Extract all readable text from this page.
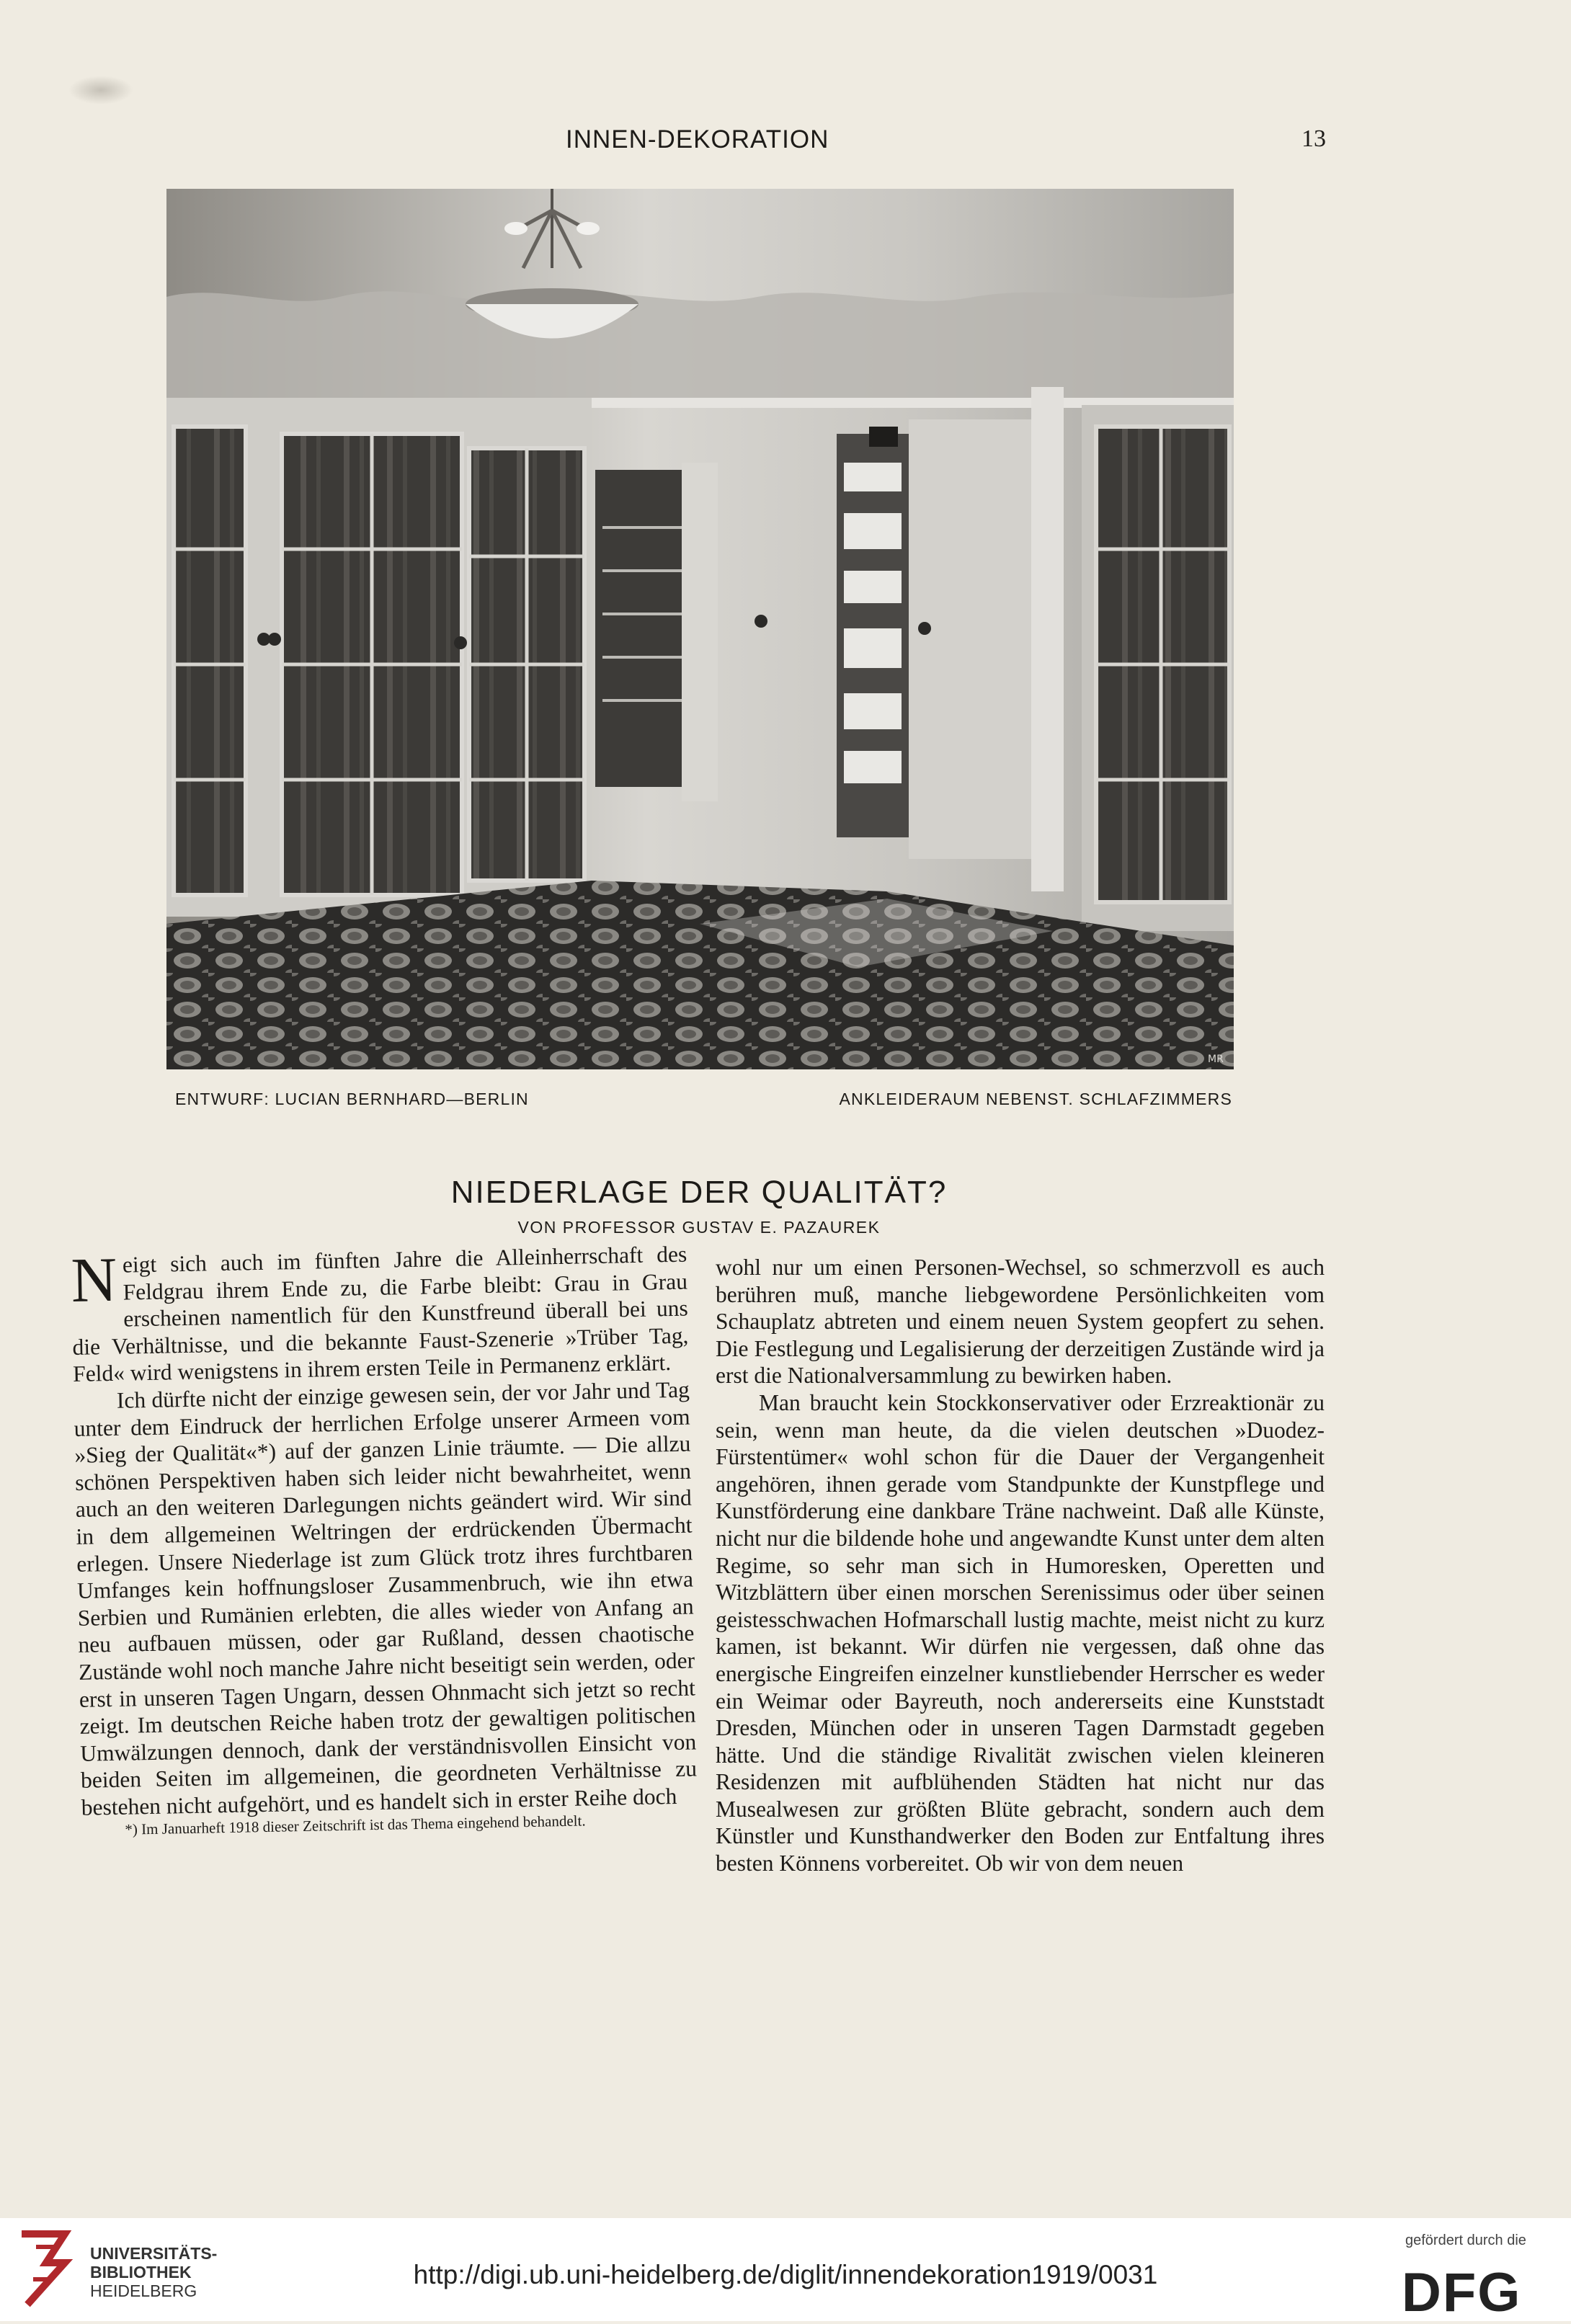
INNEN-DEKORATION	13
MR
ENTWURF: LUCIAN BERNHARD—BERLIN	ANKLEIDERAUM NEBENST. SCHLAFZIMMERS
NIEDERLAGE DER QUALITÄT?
VON PROFESSOR GUSTAV E. PAZAUREK

Neigt sich auch im fünften Jahre die Alleinherrschaft des Feldgrau ihrem Ende zu, die Farbe bleibt: Grau in Grau erscheinen namentlich für den Kunstfreund überall bei uns die Verhältnisse, und die bekannte Faust-Szenerie »Trüber Tag, Feld« wird wenigstens in ihrem ersten Teile in Permanenz erklärt.

Ich dürfte nicht der einzige gewesen sein, der vor Jahr und Tag unter dem Eindruck der herrlichen Erfolge unserer Armeen vom »Sieg der Qualität«*) auf der ganzen Linie träumte. — Die allzu schönen Perspektiven haben sich leider nicht bewahrheitet, wenn auch an den weiteren Darlegungen nichts geändert wird. Wir sind in dem allgemeinen Weltringen der erdrückenden Übermacht erlegen. Unsere Niederlage ist zum Glück trotz ihres furchtbaren Umfanges kein hoffnungsloser Zusammenbruch, wie ihn etwa Serbien und Rumänien erlebten, die alles wieder von Anfang an neu aufbauen müssen, oder gar Rußland, dessen chaotische Zustände wohl noch manche Jahre nicht beseitigt sein werden, oder erst in unseren Tagen Ungarn, dessen Ohnmacht sich jetzt so recht zeigt. Im deutschen Reiche haben trotz der gewaltigen politischen Umwälzungen dennoch, dank der verständnisvollen Einsicht von beiden Seiten im allgemeinen, die geordneten Verhältnisse zu bestehen nicht aufgehört, und es handelt sich in erster Reihe doch

*) Im Januarheft 1918 dieser Zeitschrift ist das Thema eingehend behandelt.

wohl nur um einen Personen-Wechsel, so schmerzvoll es auch berühren muß, manche liebgewordene Persönlichkeiten vom Schauplatz abtreten und einem neuen System geopfert zu sehen. Die Festlegung und Legalisierung der derzeitigen Zustände wird ja erst die Nationalversammlung zu bewirken haben.

Man braucht kein Stockkonservativer oder Erzreaktionär zu sein, wenn man heute, da die vielen deutschen »Duodez-Fürstentümer« wohl schon für die Dauer der Vergangenheit angehören, ihnen gerade vom Standpunkte der Kunstpflege und Kunstförderung eine dankbare Träne nachweint. Daß alle Künste, nicht nur die bildende hohe und angewandte Kunst unter dem alten Regime, so sehr man sich in Humoresken, Operetten und Witzblättern über einen morschen Serenissimus oder über seinen geistesschwachen Hofmarschall lustig machte, meist nicht zu kurz kamen, ist bekannt. Wir dürfen nie vergessen, daß ohne das energische Eingreifen einzelner kunstliebender Herrscher es weder ein Weimar oder Bayreuth, noch andererseits eine Kunststadt Dresden, München oder in unseren Tagen Darmstadt gegeben hätte. Und die ständige Rivalität zwischen vielen kleineren Residenzen mit aufblühenden Städten hat nicht nur das Musealwesen zur größten Blüte gebracht, sondern auch dem Künstler und Kunsthandwerker den Boden zur Entfaltung ihres besten Könnens vorbereitet. Ob wir von dem neuen

UNIVERSITÄTS-
BIBLIOTHEK
HEIDELBERG
http://digi.ub.uni-heidelberg.de/diglit/innendekoration1919/0031
gefördert durch die
DFG
